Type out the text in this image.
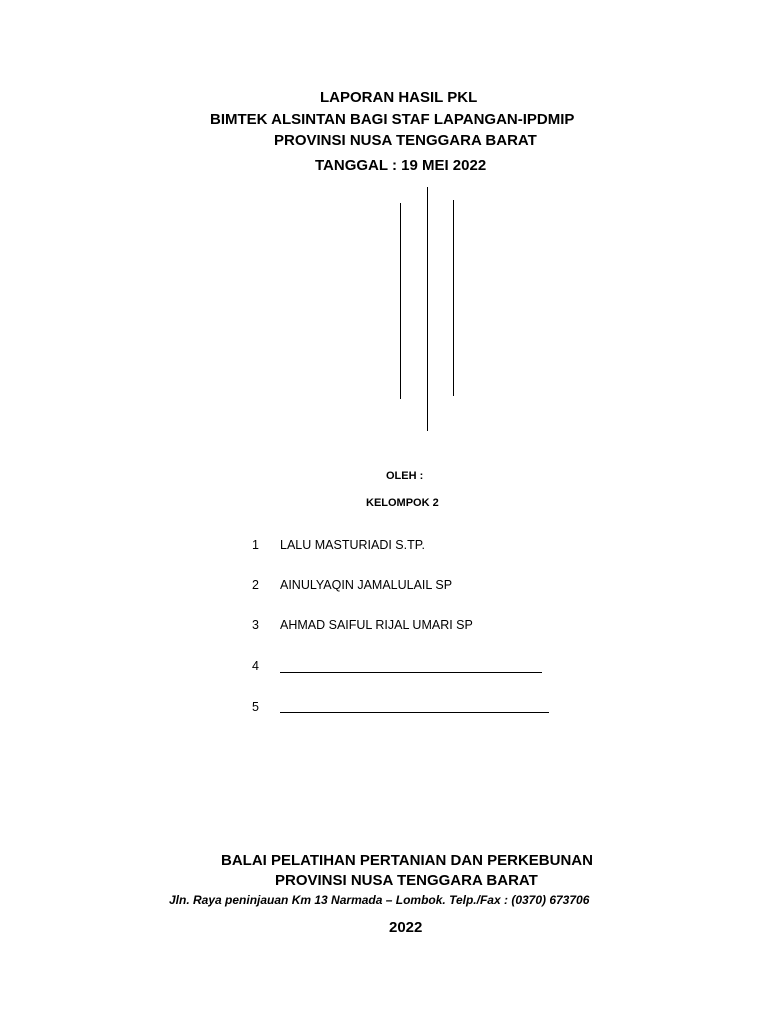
LAPORAN HASIL PKL
BIMTEK ALSINTAN BAGI STAF LAPANGAN-IPDMIP
PROVINSI NUSA TENGGARA BARAT
TANGGAL : 19 MEI 2022
OLEH :
KELOMPOK 2
1 LALU MASTURIADI S.TP.
2 AINULYAQIN JAMALULAIL SP
3 AHMAD SAIFUL RIJAL UMARI SP
4
5
BALAI PELATIHAN PERTANIAN DAN PERKEBUNAN
PROVINSI NUSA TENGGARA BARAT
Jln. Raya peninjauan Km 13 Narmada – Lombok. Telp./Fax : (0370) 673706
2022
